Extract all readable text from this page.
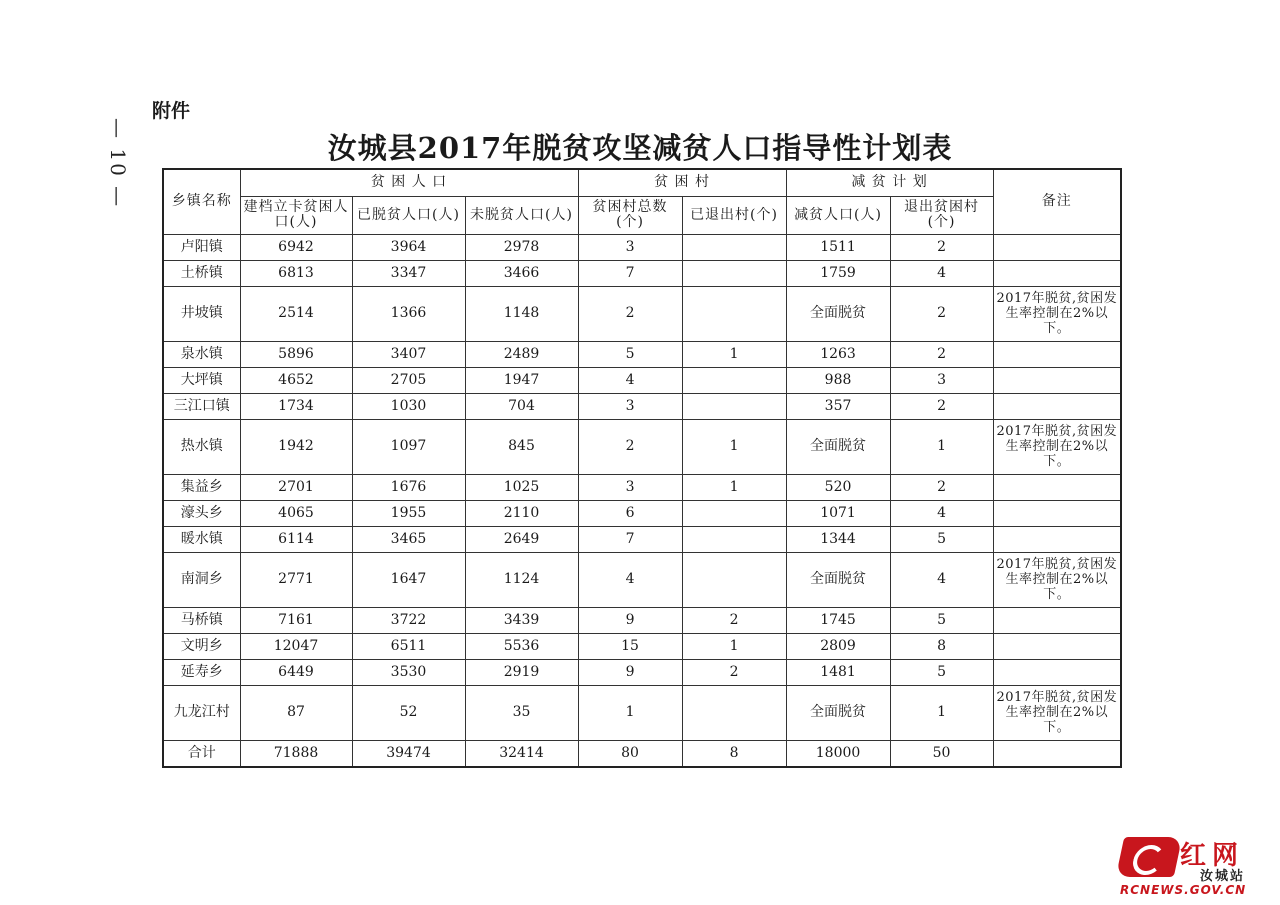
— 10 —
附件
汝城县2017年脱贫攻坚减贫人口指导性计划表
乡镇名称	贫 困 人 口			贫 困 村		减 贫 计 划		备注
	建档立卡贫困人口(人)	已脱贫人口(人)	未脱贫人口(人)	贫困村总数(个)	已退出村(个)	减贫人口(人)	退出贫困村(个)	
卢阳镇	6942	3964	2978	3		1511	2	
土桥镇	6813	3347	3466	7		1759	4	
井坡镇	2514	1366	1148	2		全面脱贫	2	2017年脱贫,贫困发生率控制在2%以下。
泉水镇	5896	3407	2489	5	1	1263	2	
大坪镇	4652	2705	1947	4		988	3	
三江口镇	1734	1030	704	3		357	2	
热水镇	1942	1097	845	2	1	全面脱贫	1	2017年脱贫,贫困发生率控制在2%以下。
集益乡	2701	1676	1025	3	1	520	2	
濠头乡	4065	1955	2110	6		1071	4	
暖水镇	6114	3465	2649	7		1344	5	
南洞乡	2771	1647	1124	4		全面脱贫	4	2017年脱贫,贫困发生率控制在2%以下。
马桥镇	7161	3722	3439	9	2	1745	5	
文明乡	12047	6511	5536	15	1	2809	8	
延寿乡	6449	3530	2919	9	2	1481	5	
九龙江村	87	52	35	1		全面脱贫	1	2017年脱贫,贫困发生率控制在2%以下。
合计	71888	39474	32414	80	8	18000	50	
红网
汝城站
RCNEWS.GOV.CN
